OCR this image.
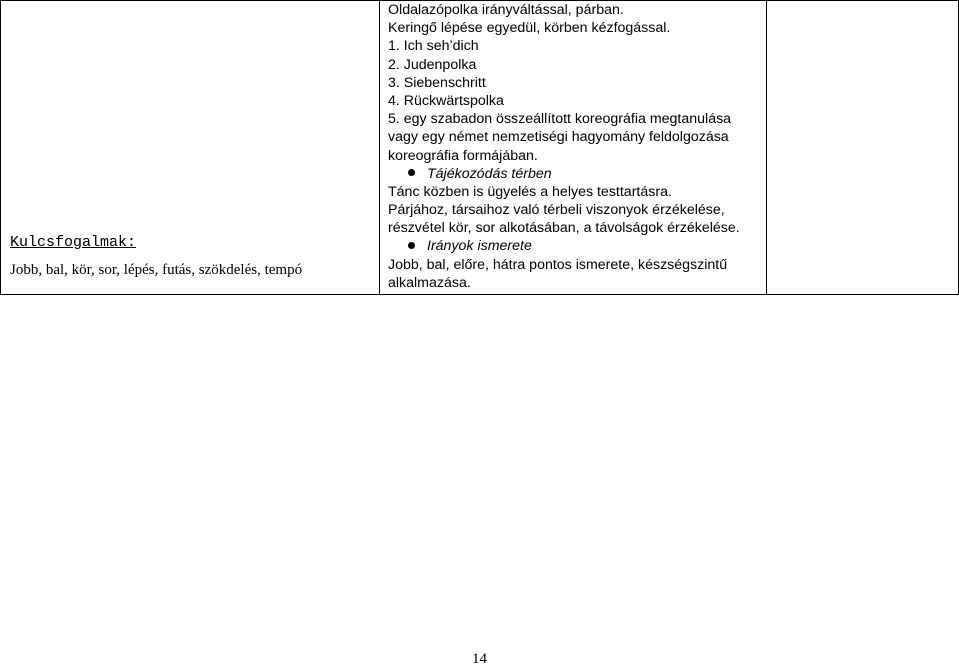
Kulcsfogalmak:
Jobb, bal, kör, sor, lépés, futás, szökdelés, tempó
Oldalazópolka irányváltással, párban.
Keringő lépése egyedül, körben kézfogással.
1. Ich seh’dich
2. Judenpolka
3. Siebenschritt
4. Rückwärtspolka
5. egy szabadon összeállított koreográfia megtanulása
vagy egy német nemzetiségi hagyomány feldolgozása
koreográfia formájában.
Tájékozódás térben
Tánc közben is ügyelés a helyes testtartásra.
Párjához, társaihoz való térbeli viszonyok érzékelése,
részvétel kör, sor alkotásában, a távolságok érzékelése.
Irányok ismerete
Jobb, bal, előre, hátra pontos ismerete, készségszintű
alkalmazása.
14
